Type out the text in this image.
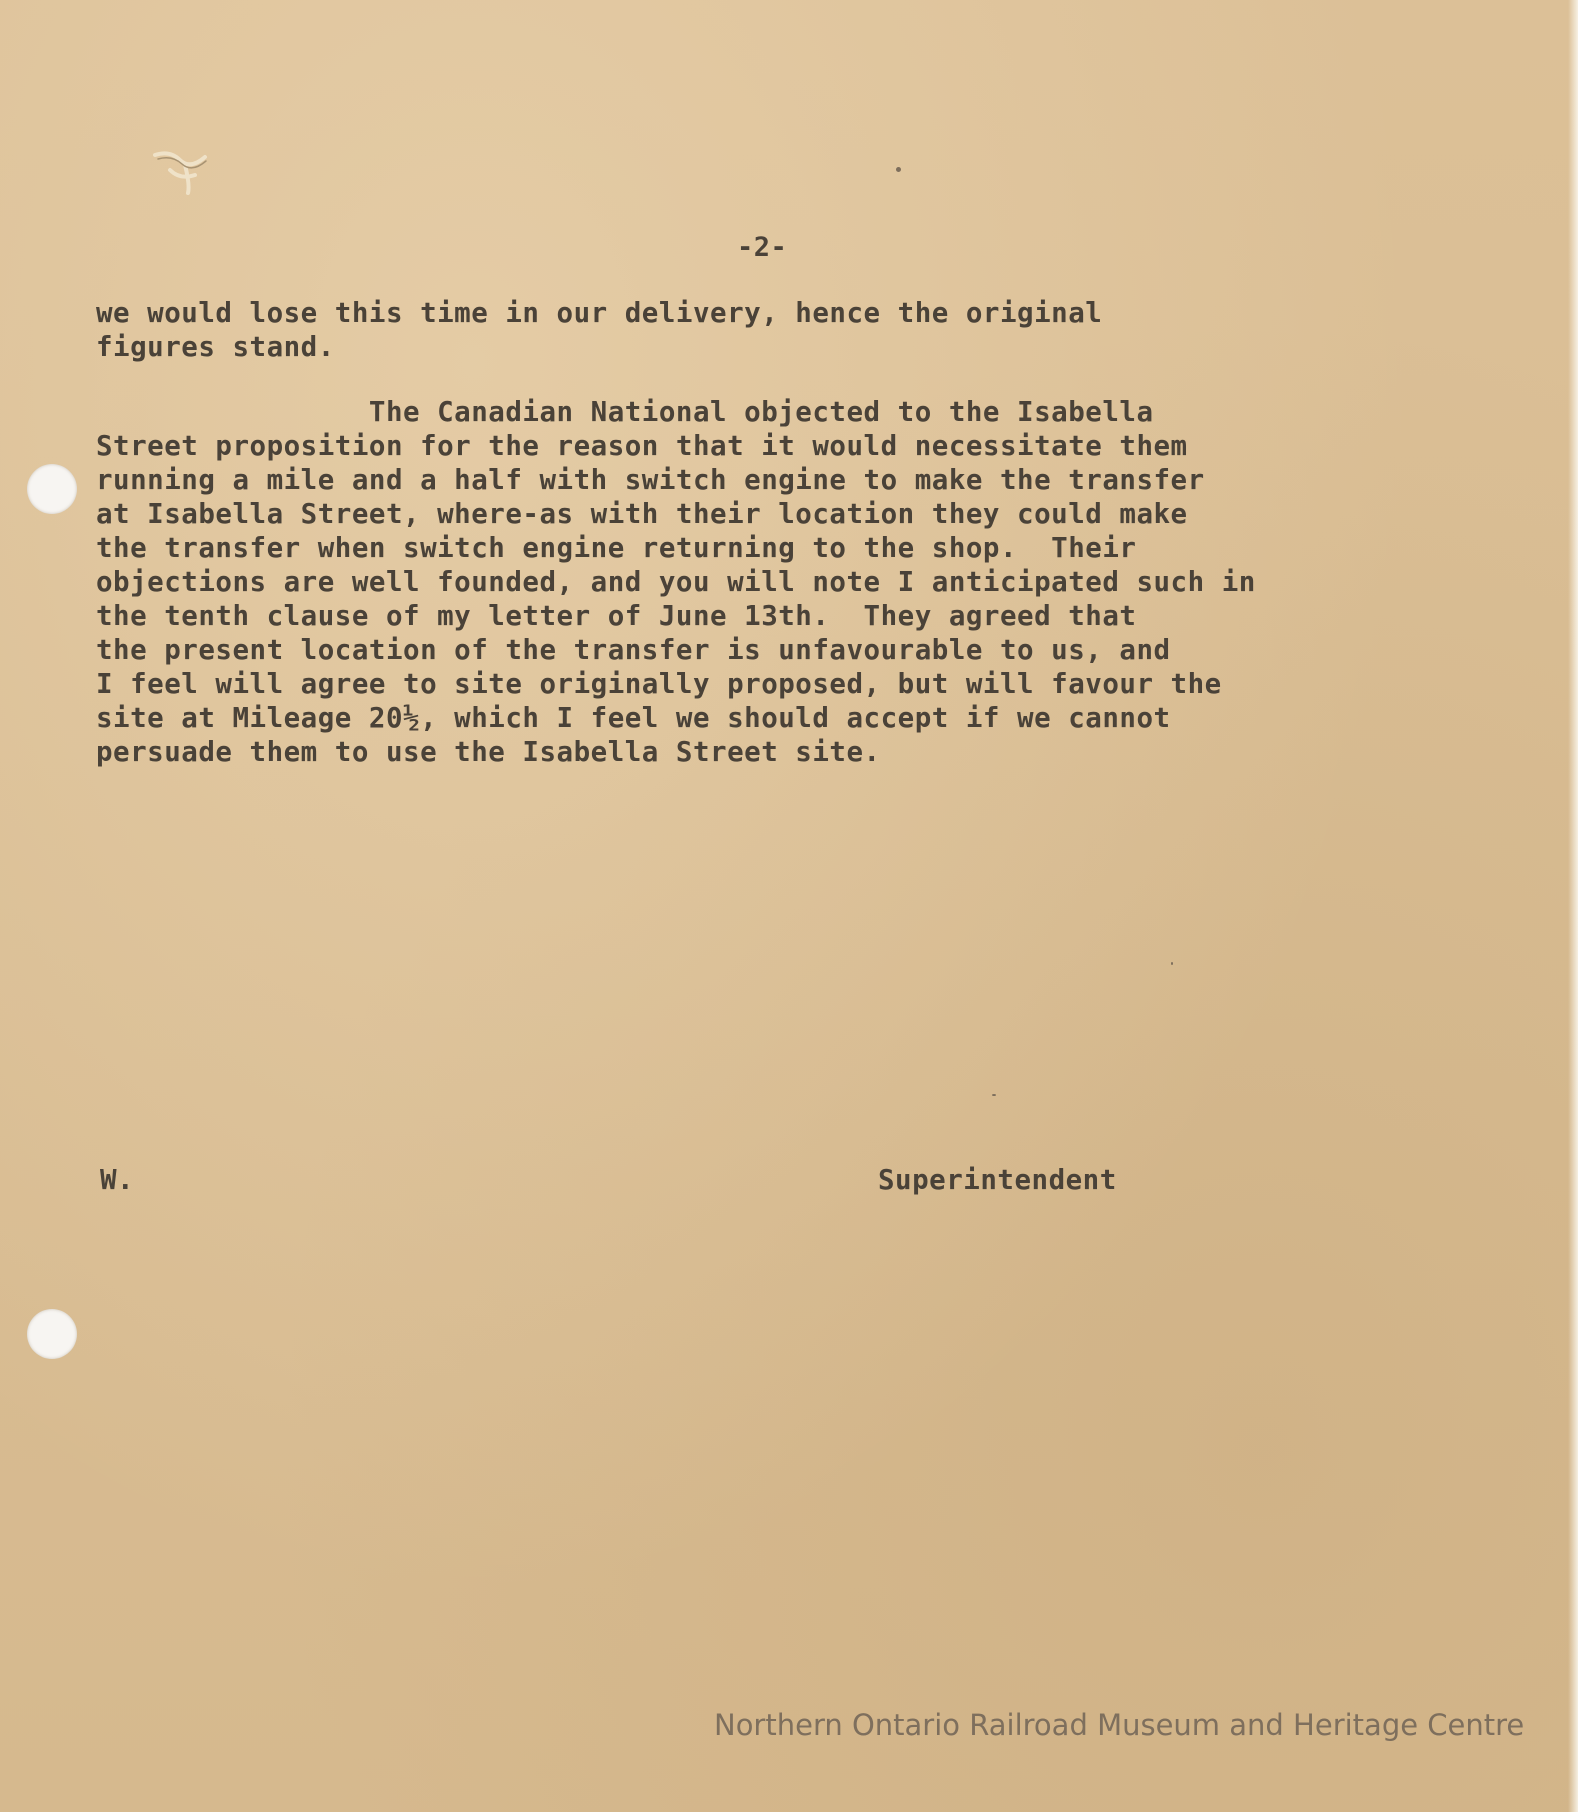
-2-

we would lose this time in our delivery, hence the original
figures stand.

The Canadian National objected to the Isabella
Street proposition for the reason that it would necessitate them
running a mile and a half with switch engine to make the transfer
at Isabella Street, where-as with their location they could make
the transfer when switch engine returning to the shop.  Their
objections are well founded, and you will note I anticipated such in
the tenth clause of my letter of June 13th.  They agreed that
the present location of the transfer is unfavourable to us, and
I feel will agree to site originally proposed, but will favour the
site at Mileage 20½, which I feel we should accept if we cannot
persuade them to use the Isabella Street site.

W.	Superintendent
Northern Ontario Railroad Museum and Heritage Centre
